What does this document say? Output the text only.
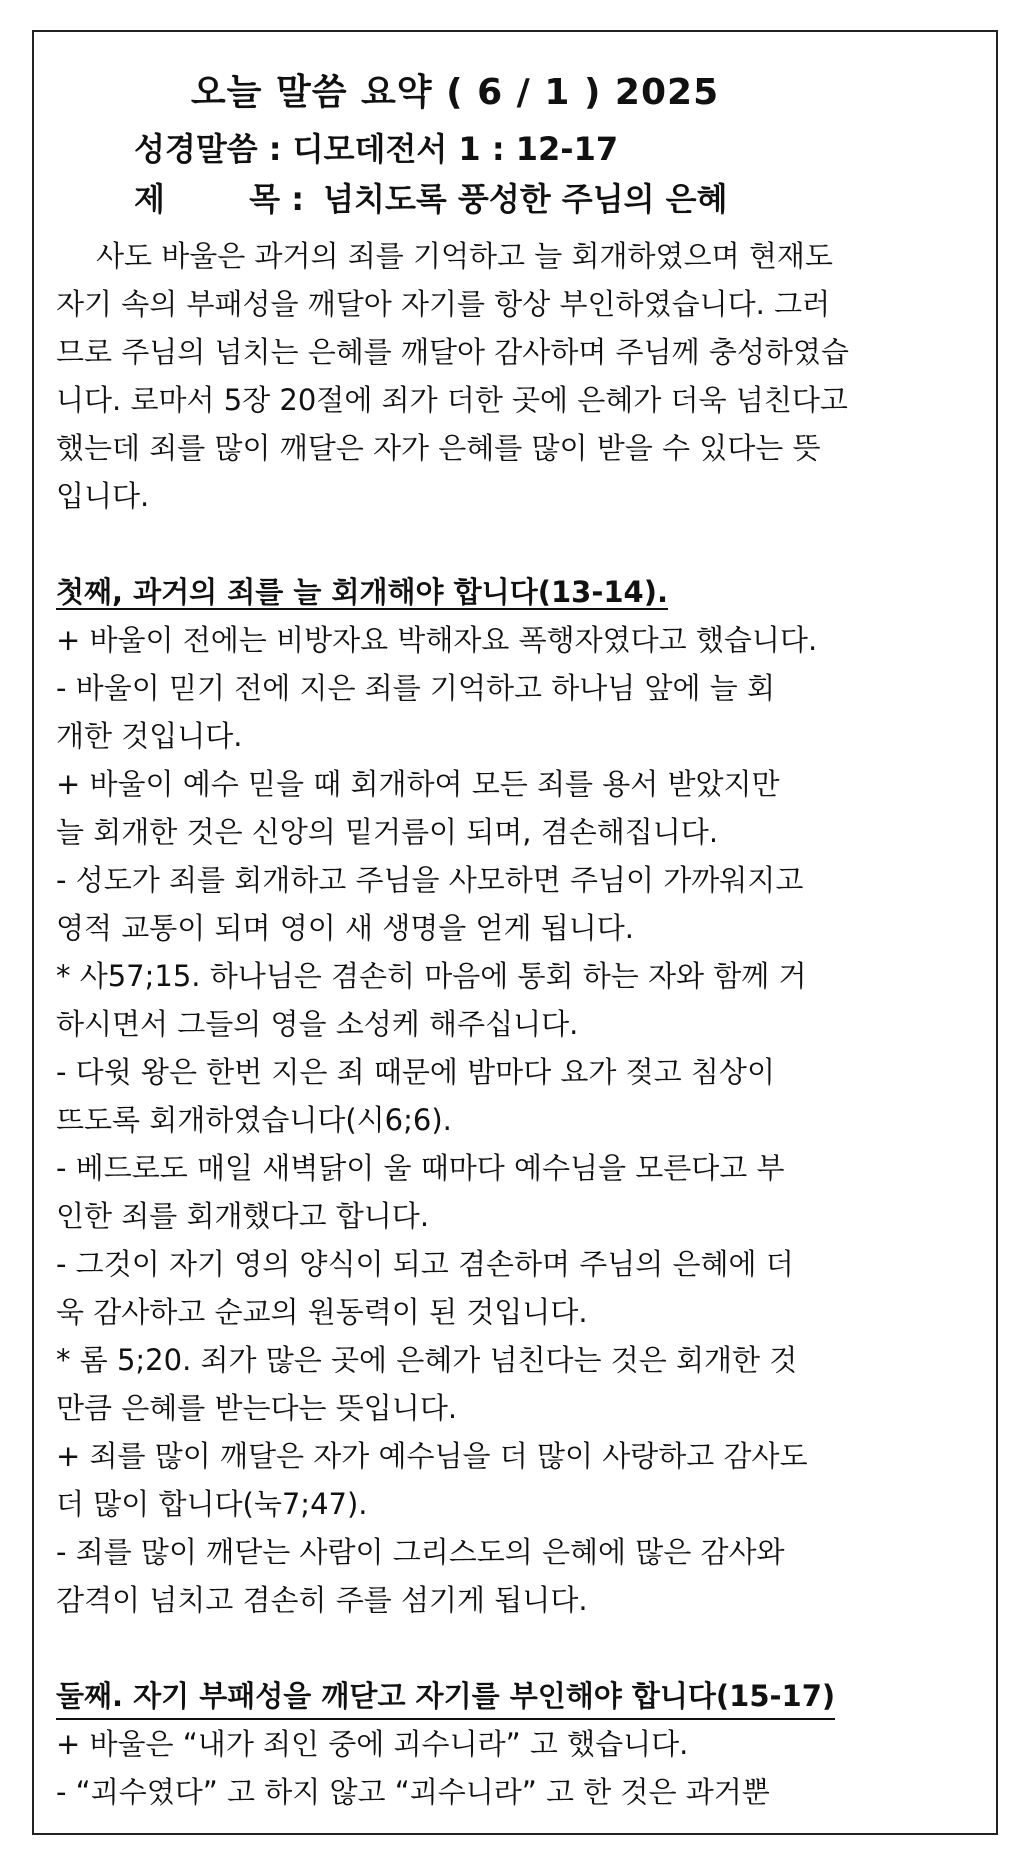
오늘 말씀 요약 ( 6 / 1 ) 2025
성경말씀 : 디모데전서 1 : 12-17
제	목 : 넘치도록 풍성한 주님의 은혜
사도 바울은 과거의 죄를 기억하고 늘 회개하였으며 현재도
자기 속의 부패성을 깨달아 자기를 항상 부인하였습니다. 그러
므로 주님의 넘치는 은혜를 깨달아 감사하며 주님께 충성하였습
니다. 로마서 5장 20절에 죄가 더한 곳에 은혜가 더욱 넘친다고
했는데 죄를 많이 깨달은 자가 은혜를 많이 받을 수 있다는 뜻
입니다.
첫째, 과거의 죄를 늘 회개해야 합니다(13-14).
+ 바울이 전에는 비방자요 박해자요 폭행자였다고 했습니다.
- 바울이 믿기 전에 지은 죄를 기억하고 하나님 앞에 늘 회
개한 것입니다.
+ 바울이 예수 믿을 때 회개하여 모든 죄를 용서 받았지만
늘 회개한 것은 신앙의 밑거름이 되며, 겸손해집니다.
- 성도가 죄를 회개하고 주님을 사모하면 주님이 가까워지고
영적 교통이 되며 영이 새 생명을 얻게 됩니다.
* 사57;15. 하나님은 겸손히 마음에 통회 하는 자와 함께 거
하시면서 그들의 영을 소성케 해주십니다.
- 다윗 왕은 한번 지은 죄 때문에 밤마다 요가 젖고 침상이
뜨도록 회개하였습니다(시6;6).
- 베드로도 매일 새벽닭이 울 때마다 예수님을 모른다고 부
인한 죄를 회개했다고 합니다.
- 그것이 자기 영의 양식이 되고 겸손하며 주님의 은혜에 더
욱 감사하고 순교의 원동력이 된 것입니다.
* 롬 5;20. 죄가 많은 곳에 은혜가 넘친다는 것은 회개한 것
만큼 은혜를 받는다는 뜻입니다.
+ 죄를 많이 깨달은 자가 예수님을 더 많이 사랑하고 감사도
더 많이 합니다(눅7;47).
- 죄를 많이 깨닫는 사람이 그리스도의 은혜에 많은 감사와
감격이 넘치고 겸손히 주를 섬기게 됩니다.
둘째. 자기 부패성을 깨닫고 자기를 부인해야 합니다(15-17)
+ 바울은 “내가 죄인 중에 괴수니라” 고 했습니다.
- “괴수였다” 고 하지 않고 “괴수니라” 고 한 것은 과거뿐
